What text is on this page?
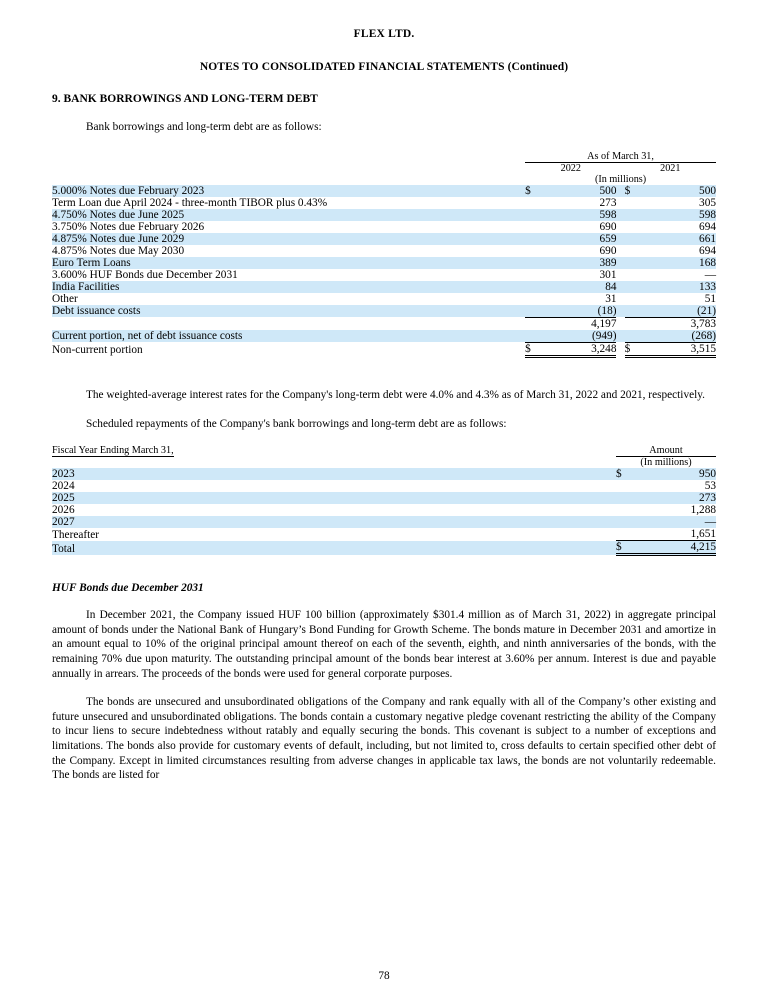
FLEX LTD.
NOTES TO CONSOLIDATED FINANCIAL STATEMENTS (Continued)
9. BANK BORROWINGS AND LONG-TERM DEBT

Bank borrowings and long-term debt are as follows:

	As of March 31,				
	2022			2021	
	(In millions)				
5.000% Notes due February 2023	$	500		$	500
Term Loan due April 2024 - three-month TIBOR plus 0.43%		273			305
4.750% Notes due June 2025		598			598
3.750% Notes due February 2026		690			694
4.875% Notes due June 2029		659			661
4.875% Notes due May 2030		690			694
Euro Term Loans		389			168
3.600% HUF Bonds due December 2031		301			—
India Facilities		84			133
Other		31			51
Debt issuance costs		(18)			(21)
		4,197			3,783
Current portion, net of debt issuance costs		(949)			(268)
Non-current portion	$	3,248		$	3,515

The weighted-average interest rates for the Company's long-term debt were 4.0% and 4.3% as of March 31, 2022 and 2021, respectively.

Scheduled repayments of the Company's bank borrowings and long-term debt are as follows:

Fiscal Year Ending March 31,	Amount	
	(In millions)	
2023	$	950
2024		53
2025		273
2026		1,288
2027		—
Thereafter		1,651
Total	$	4,215
HUF Bonds due December 2031

In December 2021, the Company issued HUF 100 billion (approximately $301.4 million as of March 31, 2022) in aggregate principal amount of bonds under the National Bank of Hungary’s Bond Funding for Growth Scheme. The bonds mature in December 2031 and amortize in an amount equal to 10% of the original principal amount thereof on each of the seventh, eighth, and ninth anniversaries of the bonds, with the remaining 70% due upon maturity. The outstanding principal amount of the bonds bear interest at 3.60% per annum. Interest is due and payable annually in arrears. The proceeds of the bonds were used for general corporate purposes.

The bonds are unsecured and unsubordinated obligations of the Company and rank equally with all of the Company’s other existing and future unsecured and unsubordinated obligations. The bonds contain a customary negative pledge covenant restricting the ability of the Company to incur liens to secure indebtedness without ratably and equally securing the bonds. This covenant is subject to a number of exceptions and limitations. The bonds also provide for customary events of default, including, but not limited to, cross defaults to certain specified other debt of the Company. Except in limited circumstances resulting from adverse changes in applicable tax laws, the bonds are not voluntarily redeemable. The bonds are listed for

78
